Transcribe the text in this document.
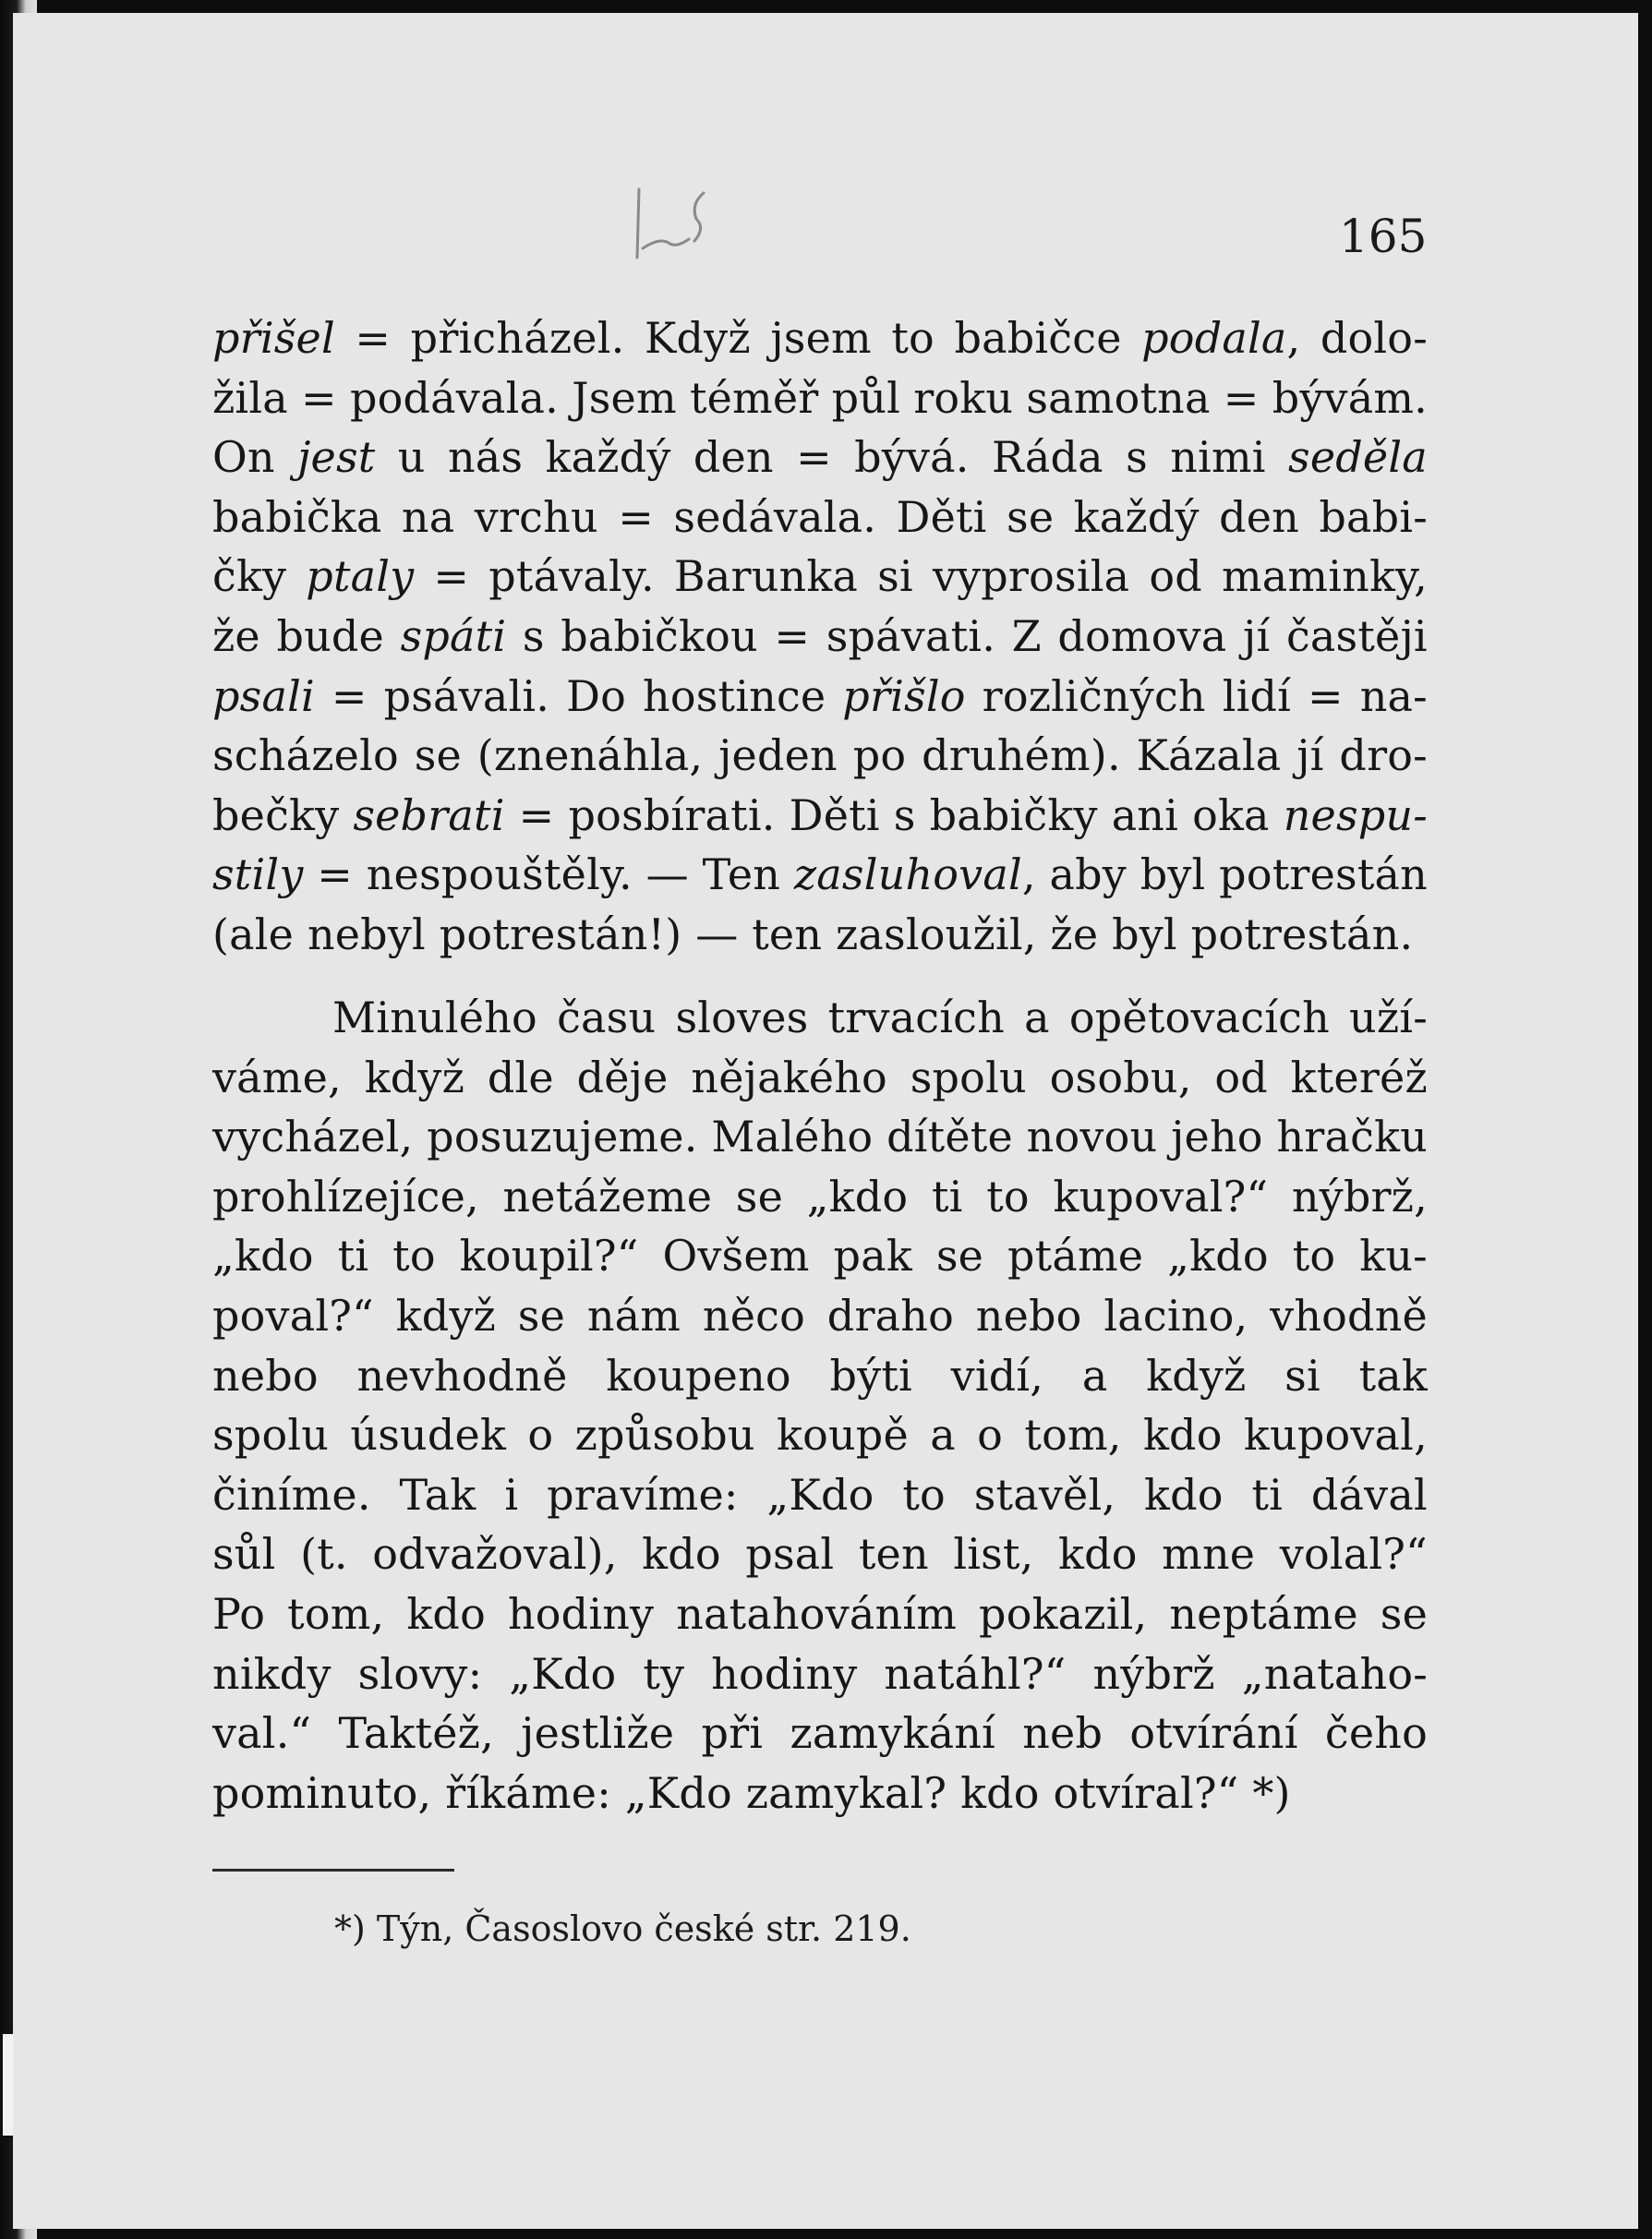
165
přišel = přicházel. Když jsem to babičce podala, dolo-
žila = podávala. Jsem téměř půl roku samotna = bývám.
On jest u nás každý den = bývá. Ráda s nimi seděla
babička na vrchu = sedávala. Děti se každý den babi-
čky ptaly = ptávaly. Barunka si vyprosila od maminky,
že bude spáti s babičkou = spávati. Z domova jí častěji
psali = psávali. Do hostince přišlo rozličných lidí = na-
scházelo se (znenáhla, jeden po druhém). Kázala jí dro-
bečky sebrati = posbírati. Děti s babičky ani oka nespu-
stily = nespouštěly. — Ten zasluhoval, aby byl potrestán
(ale nebyl potrestán!) — ten zasloužil, že byl potrestán.
Minulého času sloves trvacích a opětovacích uží-
váme, když dle děje nějakého spolu osobu, od kteréž
vycházel, posuzujeme. Malého dítěte novou jeho hračku
prohlízejíce, netážeme se „kdo ti to kupoval?“ nýbrž,
„kdo ti to koupil?“ Ovšem pak se ptáme „kdo to ku-
poval?“ když se nám něco draho nebo lacino, vhodně
nebo nevhodně koupeno býti vidí, a když si tak
spolu úsudek o způsobu koupě a o tom, kdo kupoval,
činíme. Tak i pravíme: „Kdo to stavěl, kdo ti dával
sůl (t. odvažoval), kdo psal ten list, kdo mne volal?“
Po tom, kdo hodiny natahováním pokazil, neptáme se
nikdy slovy: „Kdo ty hodiny natáhl?“ nýbrž „nataho-
val.“ Taktéž, jestliže při zamykání neb otvírání čeho
pominuto, říkáme: „Kdo zamykal? kdo otvíral?“ *)
*) Týn, Časoslovo české str. 219.
